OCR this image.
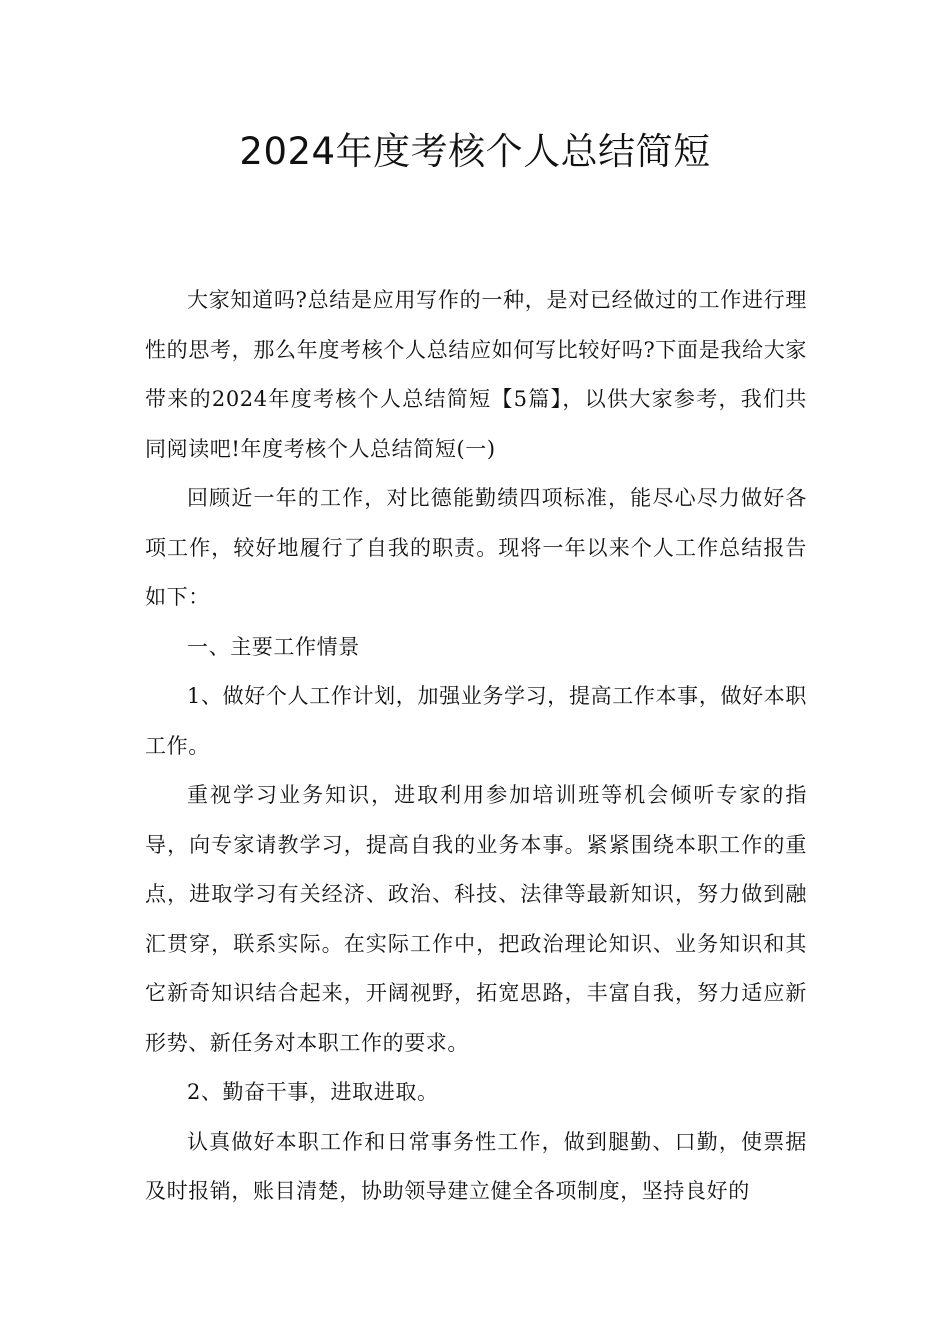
2024年度考核个人总结简短

大家知道吗?总结是应用写作的一种，是对已经做过的工作进行理性的思考，那么年度考核个人总结应如何写比较好吗?下面是我给大家带来的2024年度考核个人总结简短【5篇】，以供大家参考，我们共同阅读吧!年度考核个人总结简短(一)

回顾近一年的工作，对比德能勤绩四项标准，能尽心尽力做好各项工作，较好地履行了自我的职责。现将一年以来个人工作总结报告如下：

一、主要工作情景

1、做好个人工作计划，加强业务学习，提高工作本事，做好本职工作。

重视学习业务知识，进取利用参加培训班等机会倾听专家的指导，向专家请教学习，提高自我的业务本事。紧紧围绕本职工作的重点，进取学习有关经济、政治、科技、法律等最新知识，努力做到融汇贯穿，联系实际。在实际工作中，把政治理论知识、业务知识和其它新奇知识结合起来，开阔视野，拓宽思路，丰富自我，努力适应新形势、新任务对本职工作的要求。

2、勤奋干事，进取进取。

认真做好本职工作和日常事务性工作，做到腿勤、口勤，使票据及时报销，账目清楚，协助领导建立健全各项制度，坚持良好的
